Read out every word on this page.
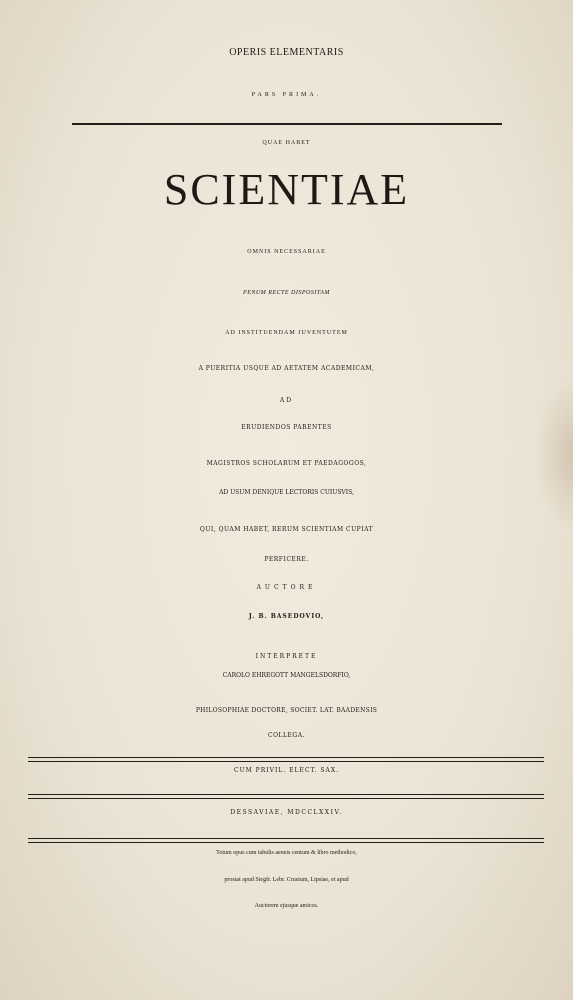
OPERIS ELEMENTARIS
PARS PRIMA.
QUAE HABET
SCIENTIAE
OMNIS NECESSARIAE
PENUM RECTE DISPOSITAM
AD INSTITUENDAM JUVENTUTEM
A PUERITIA USQUE AD AETATEM ACADEMICAM,
AD
ERUDIENDOS PARENTES
MAGISTROS SCHOLARUM ET PAEDAGOGOS,
AD USUM DENIQUE LECTORIS CUIUSVIS,
QUI, QUAM HABET, RERUM SCIENTIAM CUPIAT
PERFICERE.
AUCTORE
J. B. BASEDOVIO,
INTERPRETE
CAROLO EHREGOTT MANGELSDORFIO,
PHILOSOPHIAE DOCTORE, SOCIET. LAT. BAADENSIS
COLLEGA.
CUM PRIVIL. ELECT. SAX.
DESSAVIAE, MDCCLXXIV.
Totum opus cum tabulis aeneis centum & libro methodico,
prostat apud Siegfr. Lebr. Crusium, Lipsiae, et apud
Auctorem ejusque amicos.
